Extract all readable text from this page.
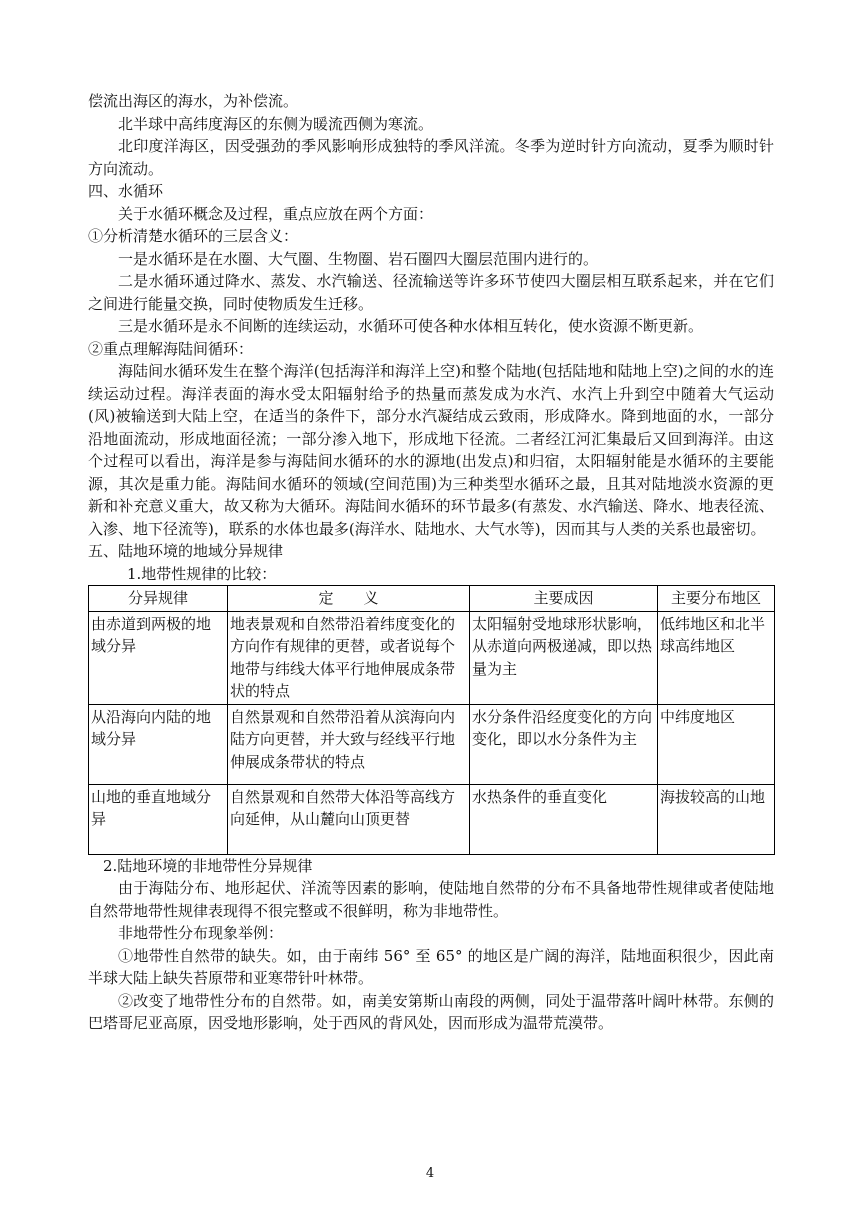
偿流出海区的海水，为补偿流。

北半球中高纬度海区的东侧为暖流西侧为寒流。

北印度洋海区，因受强劲的季风影响形成独特的季风洋流。冬季为逆时针方向流动，夏季为顺时针方向流动。

四、水循环

关于水循环概念及过程，重点应放在两个方面：

①分析清楚水循环的三层含义：

一是水循环是在水圈、大气圈、生物圈、岩石圈四大圈层范围内进行的。

二是水循环通过降水、蒸发、水汽输送、径流输送等许多环节使四大圈层相互联系起来，并在它们之间进行能量交换，同时使物质发生迁移。

三是水循环是永不间断的连续运动，水循环可使各种水体相互转化，使水资源不断更新。

②重点理解海陆间循环：

海陆间水循环发生在整个海洋(包括海洋和海洋上空)和整个陆地(包括陆地和陆地上空)之间的水的连续运动过程。海洋表面的海水受太阳辐射给予的热量而蒸发成为水汽、水汽上升到空中随着大气运动(风)被输送到大陆上空，在适当的条件下，部分水汽凝结成云致雨，形成降水。降到地面的水，一部分沿地面流动，形成地面径流；一部分渗入地下，形成地下径流。二者经江河汇集最后又回到海洋。由这个过程可以看出，海洋是参与海陆间水循环的水的源地(出发点)和归宿，太阳辐射能是水循环的主要能源，其次是重力能。海陆间水循环的领域(空间范围)为三种类型水循环之最，且其对陆地淡水资源的更新和补充意义重大，故又称为大循环。海陆间水循环的环节最多(有蒸发、水汽输送、降水、地表径流、入渗、地下径流等)，联系的水体也最多(海洋水、陆地水、大气水等)，因而其与人类的关系也最密切。

五、陆地环境的地域分异规律

1.地带性规律的比较：

分异规律	定　　义	主要成因	主要分布地区
由赤道到两极的地域分异	地表景观和自然带沿着纬度变化的方向作有规律的更替，或者说每个地带与纬线大体平行地伸展成条带状的特点	太阳辐射受地球形状影响，从赤道向两极递减，即以热量为主	低纬地区和北半球高纬地区
从沿海向内陆的地域分异	自然景观和自然带沿着从滨海向内陆方向更替，并大致与经线平行地伸展成条带状的特点	水分条件沿经度变化的方向变化，即以水分条件为主	中纬度地区
山地的垂直地域分异	自然景观和自然带大体沿等高线方向延伸，从山麓向山顶更替	水热条件的垂直变化	海拔较高的山地

2.陆地环境的非地带性分异规律

由于海陆分布、地形起伏、洋流等因素的影响，使陆地自然带的分布不具备地带性规律或者使陆地自然带地带性规律表现得不很完整或不很鲜明，称为非地带性。

非地带性分布现象举例：

①地带性自然带的缺失。如，由于南纬 56° 至 65° 的地区是广阔的海洋，陆地面积很少，因此南半球大陆上缺失苔原带和亚寒带针叶林带。

②改变了地带性分布的自然带。如，南美安第斯山南段的两侧，同处于温带落叶阔叶林带。东侧的巴塔哥尼亚高原，因受地形影响，处于西风的背风处，因而形成为温带荒漠带。

4
